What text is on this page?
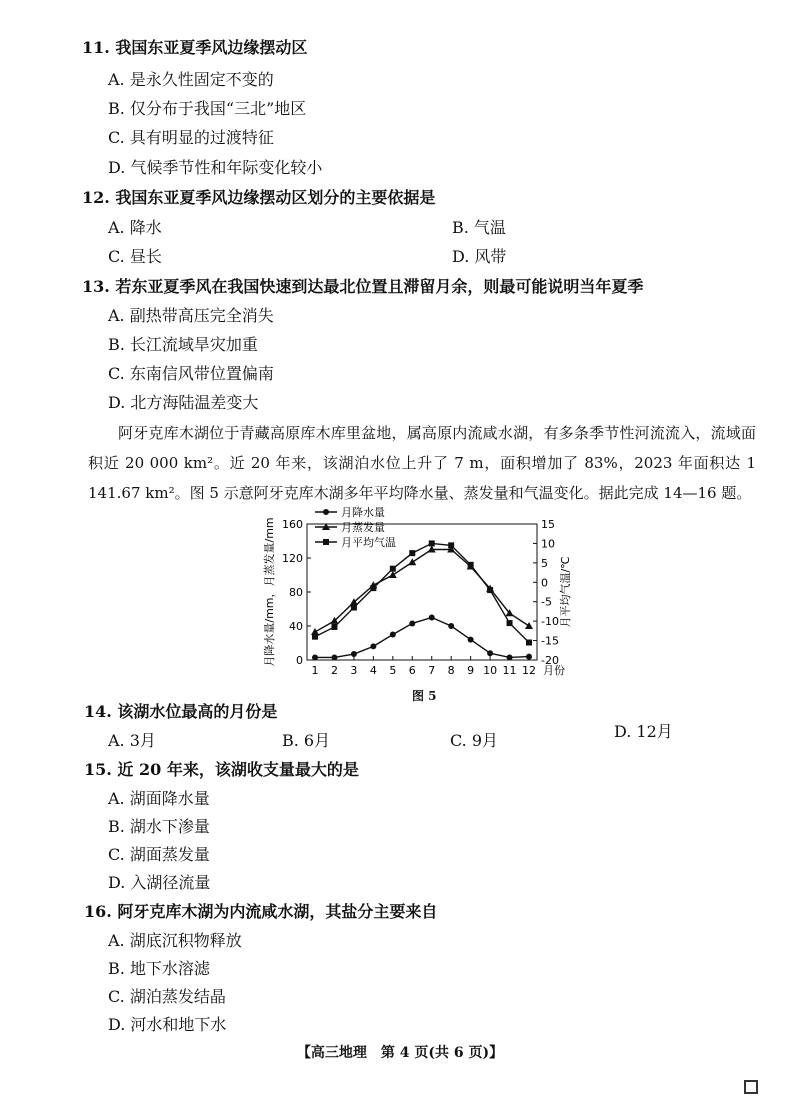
11. 我国东亚夏季风边缘摆动区
A. 是永久性固定不变的
B. 仅分布于我国“三北”地区
C. 具有明显的过渡特征
D. 气候季节性和年际变化较小
12. 我国东亚夏季风边缘摆动区划分的主要依据是
A. 降水	B. 气温
C. 昼长	D. 风带
13. 若东亚夏季风在我国快速到达最北位置且滞留月余，则最可能说明当年夏季
A. 副热带高压完全消失
B. 长江流域旱灾加重
C. 东南信风带位置偏南
D. 北方海陆温差变大
阿牙克库木湖位于青藏高原库木库里盆地，属高原内流咸水湖，有多条季节性河流流入，流域面积近 20 000 km²。近 20 年来，该湖泊水位上升了 7 m，面积增加了 83%，2023 年面积达 1 141.67 km²。图 5 示意阿牙克库木湖多年平均降水量、蒸发量和气温变化。据此完成 14—16 题。
0
40
80
120
160
-20
-15
-10
-5
0
5
10
15
1 2 3 4 5 6 7 8 9 10 11 12 月份
月降水量/mm，月蒸发量/mm	月平均气温/℃
月降水量
月蒸发量
月平均气温
图 5
14. 该湖水位最高的月份是
A. 3月	B. 6月	C. 9月	D. 12月
15. 近 20 年来，该湖收支量最大的是
A. 湖面降水量
B. 湖水下渗量
C. 湖面蒸发量
D. 入湖径流量
16. 阿牙克库木湖为内流咸水湖，其盐分主要来自
A. 湖底沉积物释放
B. 地下水溶滤
C. 湖泊蒸发结晶
D. 河水和地下水
【高三地理　第 4 页(共 6 页)】
